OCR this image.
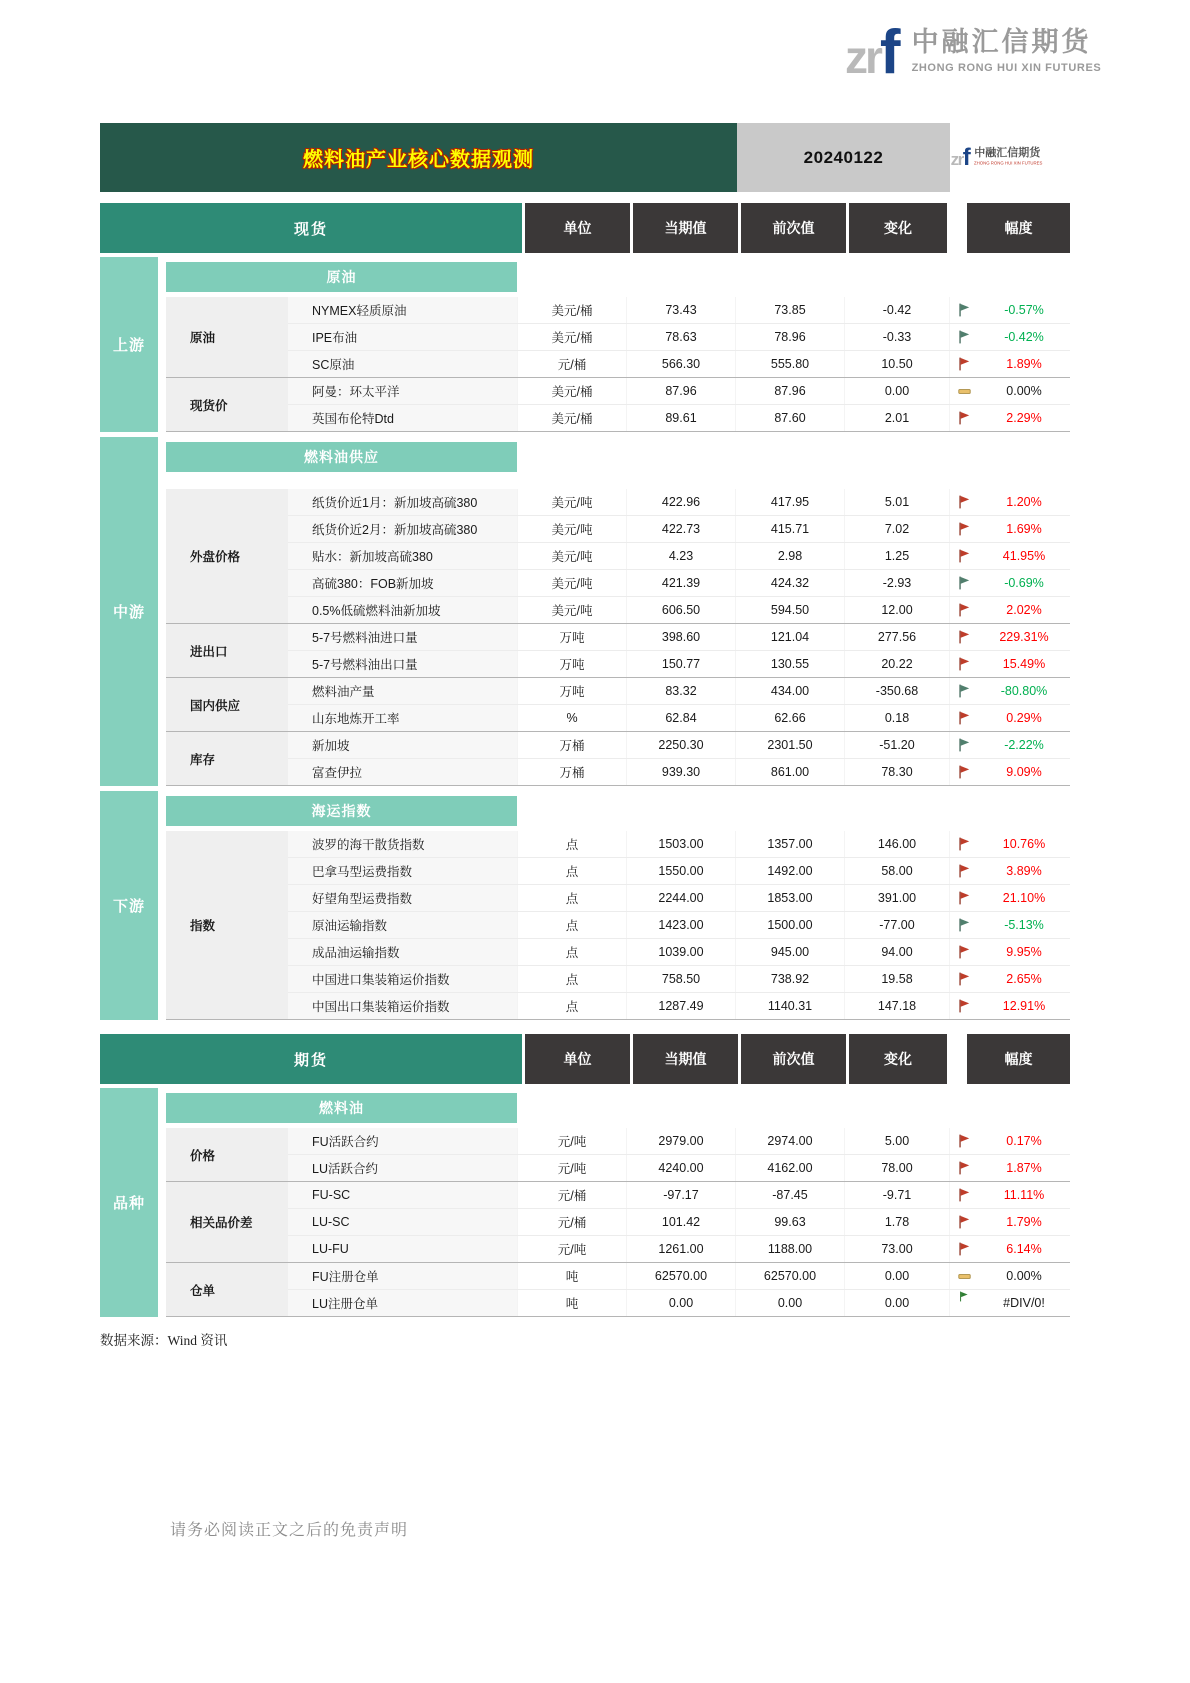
zrf 中融汇信期货
ZHONG RONG HUI XIN FUTURES
燃料油产业核心数据观测	20240122	zrf 中融汇信期货
ZHONG RONG HUI XIN FUTURES
现货	单位	当期值	前次值	变化	幅度
上游
原油
原油
NYMEX轻质原油	美元/桶	73.43	73.85	-0.42	-0.57%
IPE布油	美元/桶	78.63	78.96	-0.33	-0.42%
SC原油	元/桶	566.30	555.80	10.50	1.89%
现货价
阿曼：环太平洋	美元/桶	87.96	87.96	0.00	0.00%
英国布伦特Dtd	美元/桶	89.61	87.60	2.01	2.29%
中游
燃料油供应
外盘价格
纸货价近1月：新加坡高硫380	美元/吨	422.96	417.95	5.01	1.20%
纸货价近2月：新加坡高硫380	美元/吨	422.73	415.71	7.02	1.69%
贴水：新加坡高硫380	美元/吨	4.23	2.98	1.25	41.95%
高硫380：FOB新加坡	美元/吨	421.39	424.32	-2.93	-0.69%
0.5%低硫燃料油新加坡	美元/吨	606.50	594.50	12.00	2.02%
进出口
5-7号燃料油进口量	万吨	398.60	121.04	277.56	229.31%
5-7号燃料油出口量	万吨	150.77	130.55	20.22	15.49%
国内供应
燃料油产量	万吨	83.32	434.00	-350.68	-80.80%
山东地炼开工率	%	62.84	62.66	0.18	0.29%
库存
新加坡	万桶	2250.30	2301.50	-51.20	-2.22%
富查伊拉	万桶	939.30	861.00	78.30	9.09%
下游
海运指数
指数
波罗的海干散货指数	点	1503.00	1357.00	146.00	10.76%
巴拿马型运费指数	点	1550.00	1492.00	58.00	3.89%
好望角型运费指数	点	2244.00	1853.00	391.00	21.10%
原油运输指数	点	1423.00	1500.00	-77.00	-5.13%
成品油运输指数	点	1039.00	945.00	94.00	9.95%
中国进口集装箱运价指数	点	758.50	738.92	19.58	2.65%
中国出口集装箱运价指数	点	1287.49	1140.31	147.18	12.91%
期货	单位	当期值	前次值	变化	幅度
品种
燃料油
价格
FU活跃合约	元/吨	2979.00	2974.00	5.00	0.17%
LU活跃合约	元/吨	4240.00	4162.00	78.00	1.87%
相关品价差
FU-SC	元/桶	-97.17	-87.45	-9.71	11.11%
LU-SC	元/桶	101.42	99.63	1.78	1.79%
LU-FU	元/吨	1261.00	1188.00	73.00	6.14%
仓单
FU注册仓单	吨	62570.00	62570.00	0.00	0.00%
LU注册仓单	吨	0.00	0.00	0.00	#DIV/0!
数据来源：Wind 资讯
请务必阅读正文之后的免责声明
